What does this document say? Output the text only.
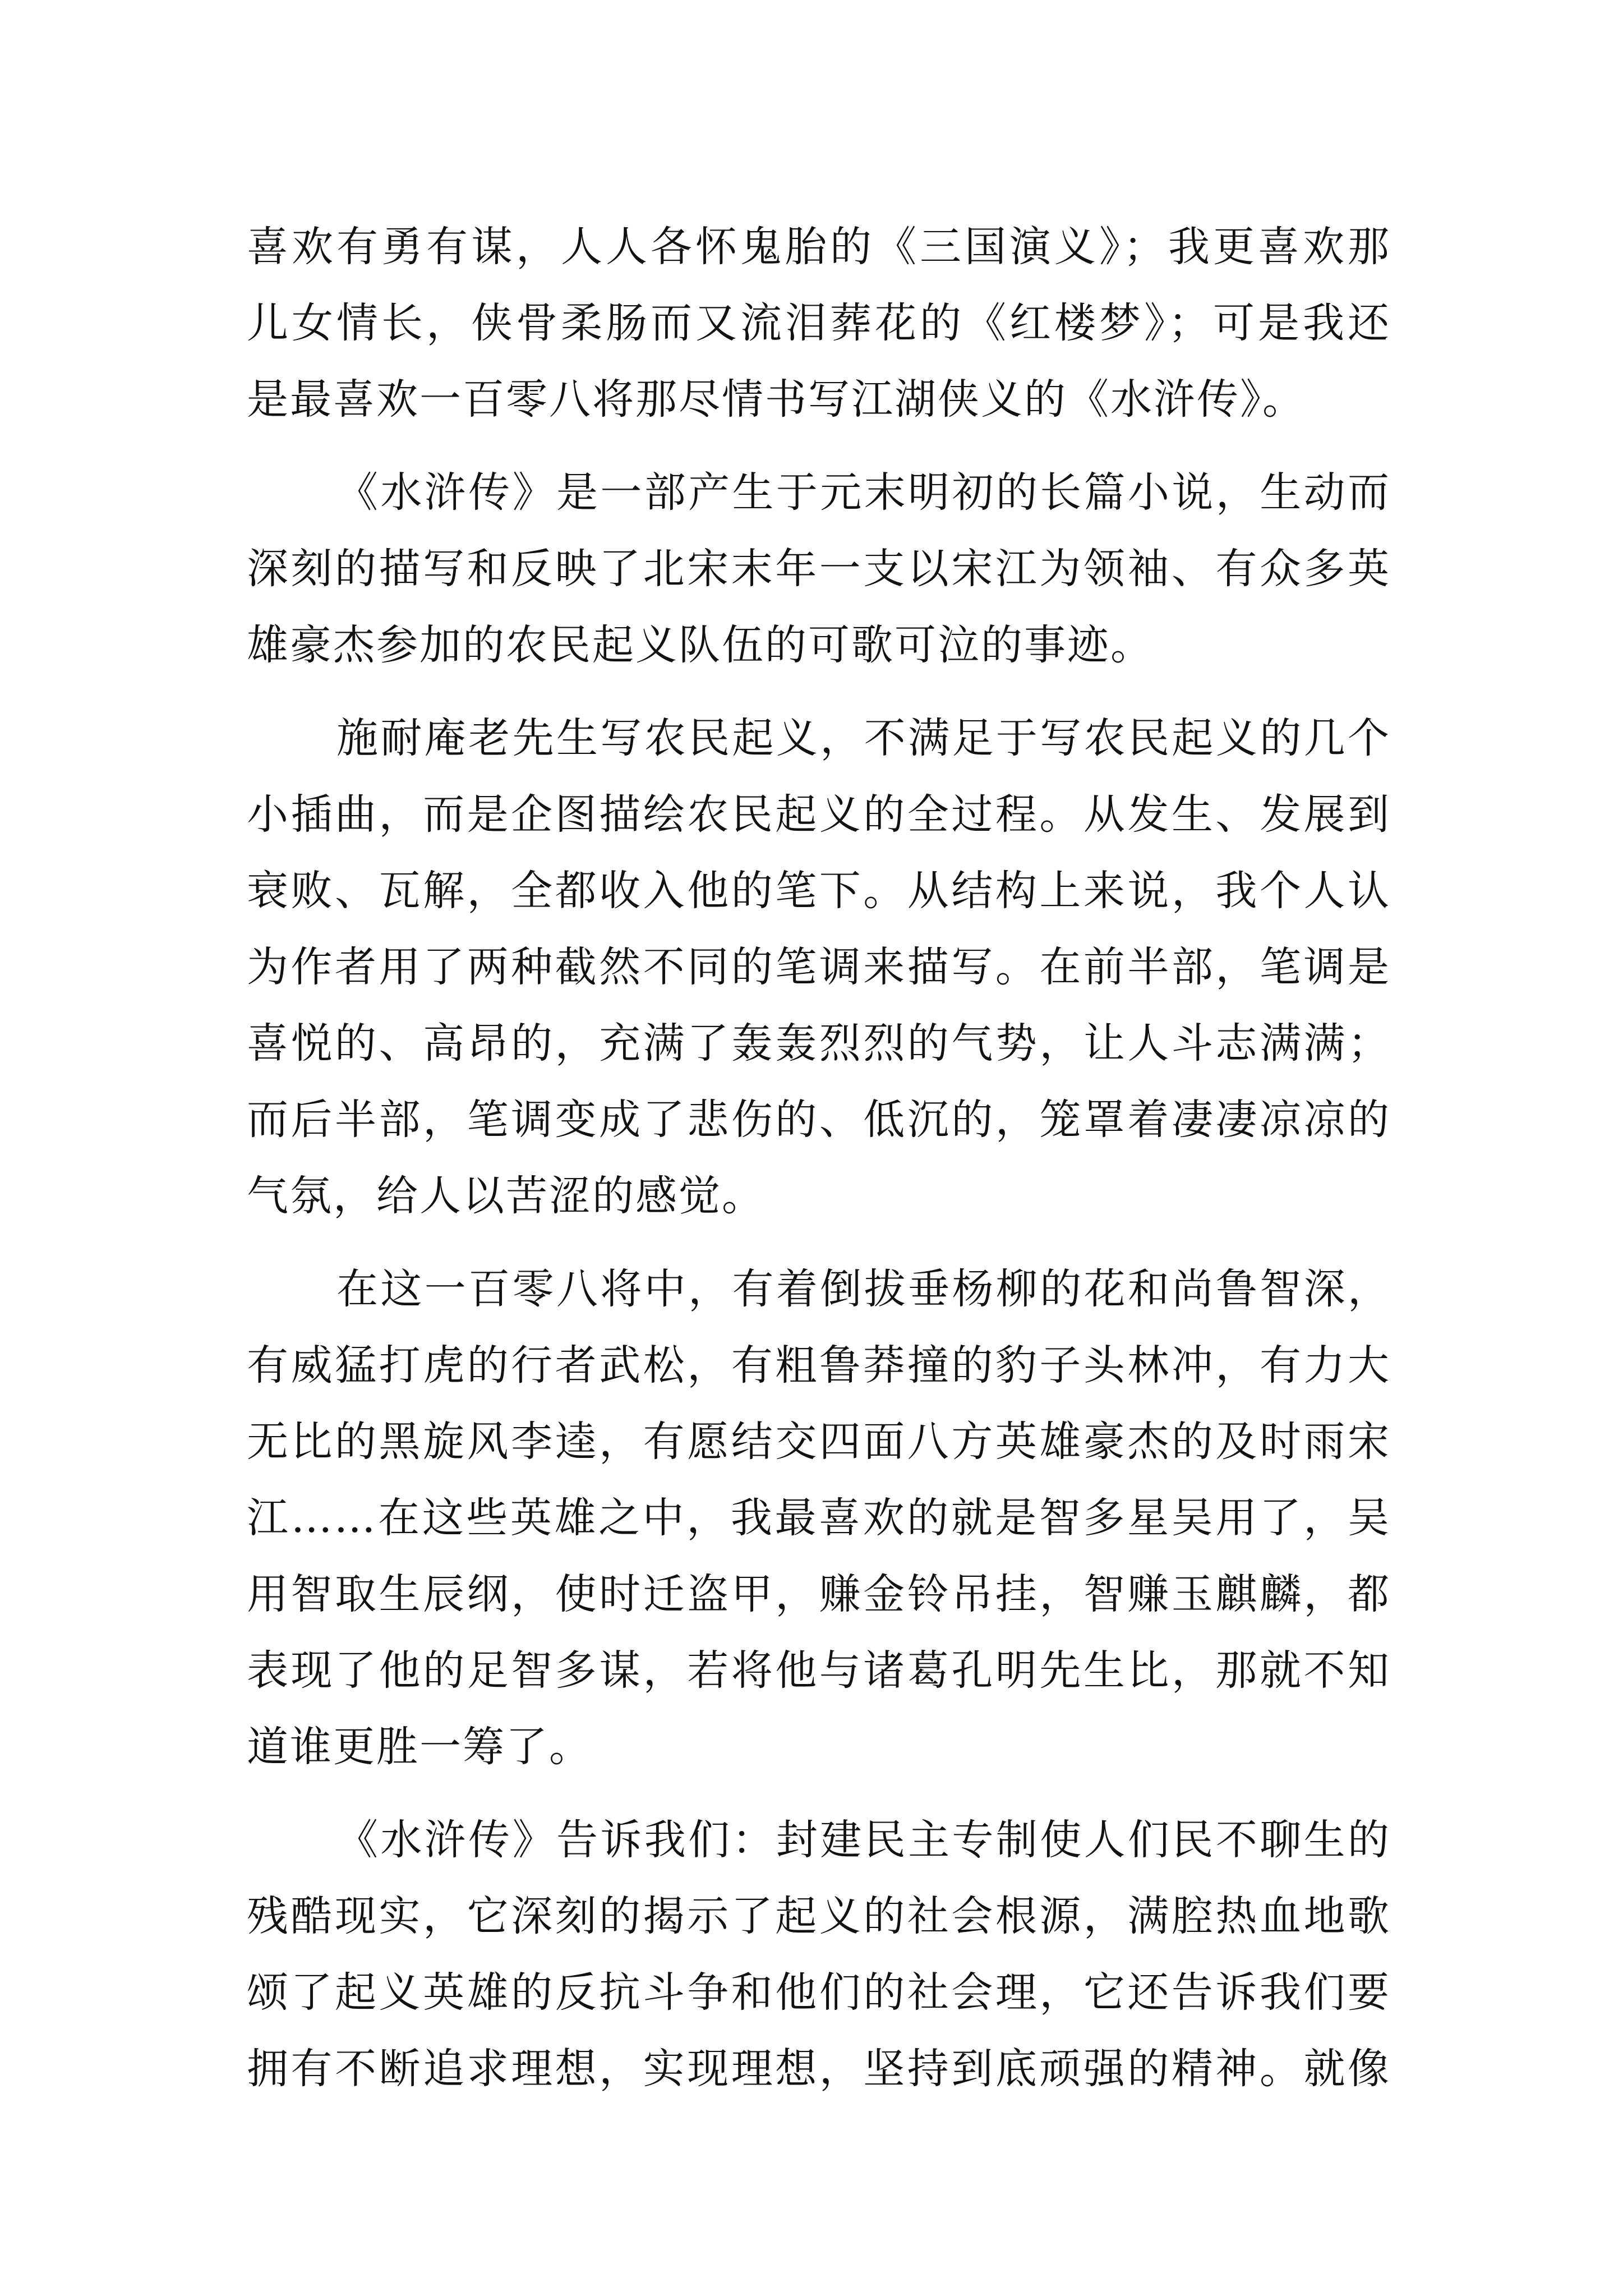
喜欢有勇有谋，人人各怀鬼胎的《三国演义》；我更喜欢那
儿女情长，侠骨柔肠而又流泪葬花的《红楼梦》；可是我还
是最喜欢一百零八将那尽情书写江湖侠义的《水浒传》。
《水浒传》是一部产生于元末明初的长篇小说，生动而
深刻的描写和反映了北宋末年一支以宋江为领袖、有众多英
雄豪杰参加的农民起义队伍的可歌可泣的事迹。
施耐庵老先生写农民起义，不满足于写农民起义的几个
小插曲，而是企图描绘农民起义的全过程。从发生、发展到
衰败、瓦解，全都收入他的笔下。从结构上来说，我个人认
为作者用了两种截然不同的笔调来描写。在前半部，笔调是
喜悦的、高昂的，充满了轰轰烈烈的气势，让人斗志满满；
而后半部，笔调变成了悲伤的、低沉的，笼罩着凄凄凉凉的
气氛，给人以苦涩的感觉。
在这一百零八将中，有着倒拔垂杨柳的花和尚鲁智深，
有威猛打虎的行者武松，有粗鲁莽撞的豹子头林冲，有力大
无比的黑旋风李逵，有愿结交四面八方英雄豪杰的及时雨宋
江……在这些英雄之中，我最喜欢的就是智多星吴用了，吴
用智取生辰纲，使时迁盗甲，赚金铃吊挂，智赚玉麒麟，都
表现了他的足智多谋，若将他与诸葛孔明先生比，那就不知
道谁更胜一筹了。
《水浒传》告诉我们：封建民主专制使人们民不聊生的
残酷现实，它深刻的揭示了起义的社会根源，满腔热血地歌
颂了起义英雄的反抗斗争和他们的社会理，它还告诉我们要
拥有不断追求理想，实现理想，坚持到底顽强的精神。就像
